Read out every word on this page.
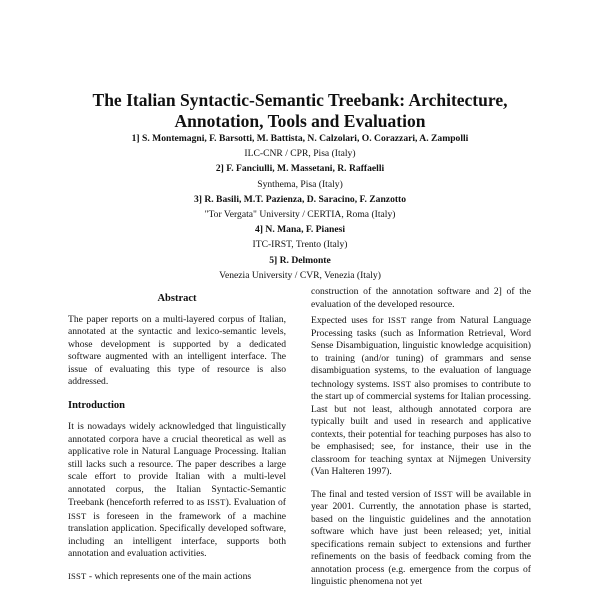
The Italian Syntactic-Semantic Treebank: Architecture,
Annotation, Tools and Evaluation
1] S. Montemagni, F. Barsotti, M. Battista, N. Calzolari, O. Corazzari, A. Zampolli
ILC-CNR / CPR, Pisa (Italy)
2] F. Fanciulli, M. Massetani, R. Raffaelli
Synthema, Pisa (Italy)
3] R. Basili, M.T. Pazienza, D. Saracino, F. Zanzotto
"Tor Vergata" University / CERTIA, Roma (Italy)
4] N. Mana, F. Pianesi
ITC-IRST, Trento (Italy)
5] R. Delmonte
Venezia University / CVR, Venezia (Italy)
Abstract

The paper reports on a multi-layered corpus of Italian, annotated at the syntactic and lexico-semantic levels, whose development is supported by a dedicated software augmented with an intelligent interface. The issue of evaluating this type of resource is also addressed.

Introduction

It is nowadays widely acknowledged that linguistically annotated corpora have a crucial theoretical as well as applicative role in Natural Language Processing. Italian still lacks such a resource. The paper describes a large scale effort to provide Italian with a multi-level annotated corpus, the Italian Syntactic-Semantic Treebank (henceforth referred to as ISST). Evaluation of ISST is foreseen in the framework of a machine translation application. Specifically developed software, including an intelligent interface, supports both annotation and evaluation activities.

ISST - which represents one of the main actions

construction of the annotation software and 2] of the evaluation of the developed resource.

Expected uses for ISST range from Natural Language Processing tasks (such as Information Retrieval, Word Sense Disambiguation, linguistic knowledge acquisition) to training (and/or tuning) of grammars and sense disambiguation systems, to the evaluation of language technology systems. ISST also promises to contribute to the start up of commercial systems for Italian processing. Last but not least, although annotated corpora are typically built and used in research and applicative contexts, their potential for teaching purposes has also to be emphasised; see, for instance, their use in the classroom for teaching syntax at Nijmegen University (Van Halteren 1997).

The final and tested version of ISST will be available in year 2001. Currently, the annotation phase is started, based on the linguistic guidelines and the annotation software which have just been released; yet, initial specifications remain subject to extensions and further refinements on the basis of feedback coming from the annotation process (e.g. emergence from the corpus of linguistic phenomena not yet
